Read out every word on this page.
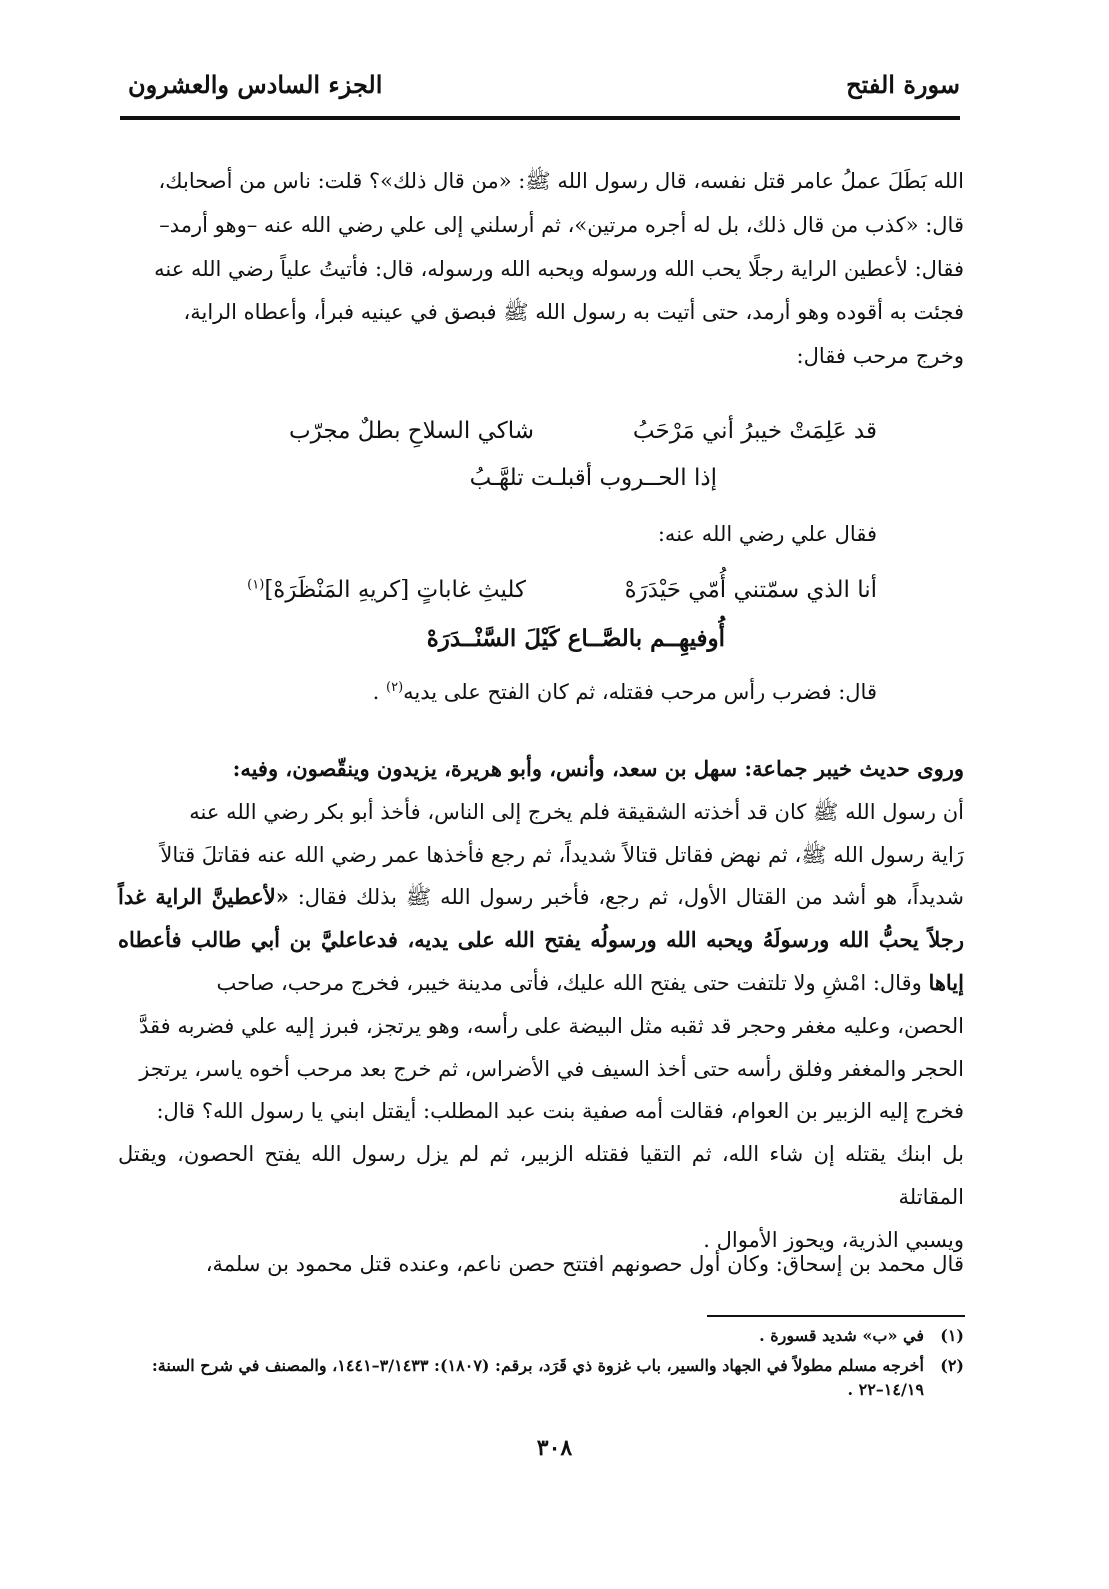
سورة الفتح
الجزء السادس والعشرون

الله بَطَلَ عملُ عامر قتل نفسه، قال رسول الله ﷺ: «من قال ذلك»؟ قلت: ناس من أصحابك،

قال: «كذب من قال ذلك، بل له أجره مرتين»، ثم أرسلني إلى علي رضي الله عنه –وهو أرمد–

فقال: لأعطين الراية رجلًا يحب الله ورسوله ويحبه الله ورسوله، قال: فأتيتُ علياً رضي الله عنه

فجئت به أقوده وهو أرمد، حتى أتيت به رسول الله ﷺ فبصق في عينيه فبرأ، وأعطاه الراية،

وخرج مرحب فقال:

قد عَلِمَتْ خيبرُ أني مَرْحَبُ
شاكي السلاحِ بطلٌ مجرّب
إذا الحــروب أقبلـت تلهَّـبُ
فقال علي رضي الله عنه:
أنا الذي سمّتني أُمّي حَيْدَرَهْ
كليثِ غاباتٍ [كريهِ المَنْظَرَهْ]$^{(١)}$
أُوفيهِــم بالصَّــاع كَيْلَ السَّنْــدَرَهْ
قال: فضرب رأس مرحب فقتله، ثم كان الفتح على يديه$^{(٢)}$ .

وروى حديث خيبر جماعة: سهل بن سعد، وأنس، وأبو هريرة، يزيدون وينقّصون، وفيه:

أن رسول الله ﷺ كان قد أخذته الشقيقة فلم يخرج إلى الناس، فأخذ أبو بكر رضي الله عنه

رَاية رسول الله ﷺ، ثم نهض فقاتل قتالاً شديداً، ثم رجع فأخذها عمر رضي الله عنه فقاتلَ قتالاً

شديداً، هو أشد من القتال الأول، ثم رجع، فأخبر رسول الله ﷺ بذلك فقال: «لأعطينَّ الراية غداً رجلاً يحبُّ الله ورسولَهُ ويحبه الله ورسولُه يفتح الله على يديه، فدعاعليَّ بن أبي طالب فأعطاه إياها وقال: امْشِ ولا تلتفت حتى يفتح الله عليك، فأتى مدينة خيبر، فخرج مرحب، صاحب

الحصن، وعليه مغفر وحجر قد ثقبه مثل البيضة على رأسه، وهو يرتجز، فبرز إليه علي فضربه فقدَّ

الحجر والمغفر وفلق رأسه حتى أخذ السيف في الأضراس، ثم خرج بعد مرحب أخوه ياسر، يرتجز

فخرج إليه الزبير بن العوام، فقالت أمه صفية بنت عبد المطلب: أيقتل ابني يا رسول الله؟ قال:

بل ابنك يقتله إن شاء الله، ثم التقيا فقتله الزبير، ثم لم يزل رسول الله يفتح الحصون، ويقتل المقاتلة

ويسبي الذرية، ويحوز الأموال .

قال محمد بن إسحاق: وكان أول حصونهم افتتح حصن ناعم، وعنده قتل محمود بن سلمة،
(١)
في «ب» شديد قسورة .
(٢)
أخرجه مسلم مطولاً في الجهاد والسير، باب غزوة ذي قَرَد، برقم: (١٨٠٧): ٣/١٤٣٣–١٤٤١، والمصنف في شرح السنة: ١٤/١٩–٢٢ .
٣٠٨
